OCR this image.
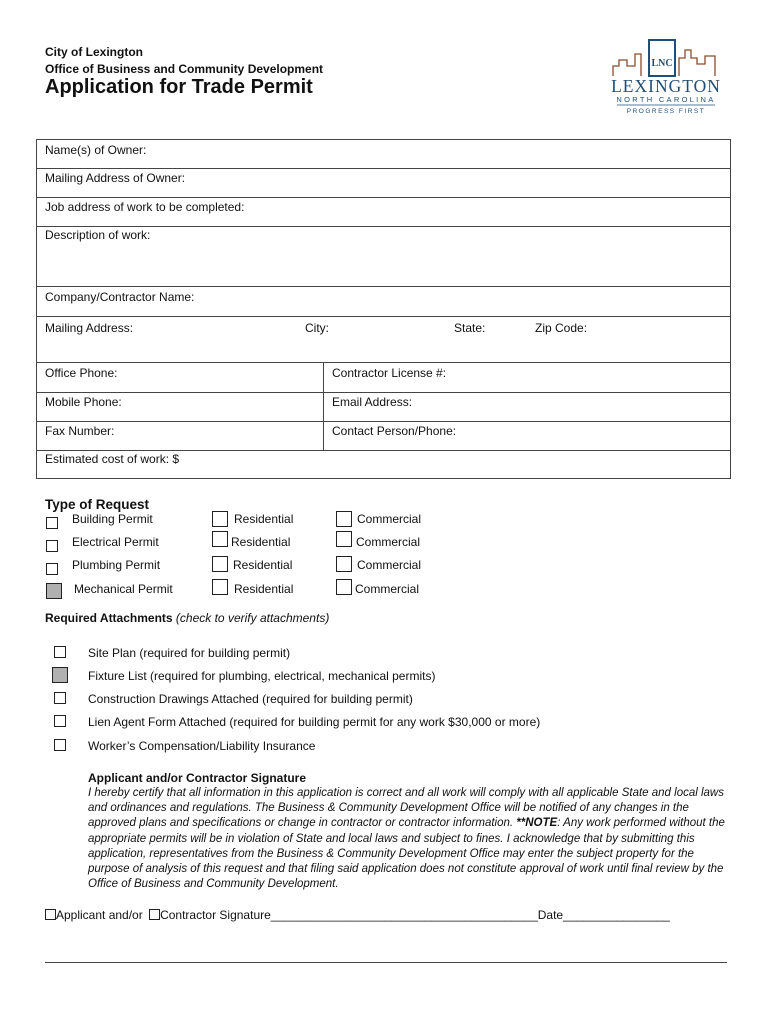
City of Lexington
Office of Business and Community Development
Application for Trade Permit
LNC
LEXINGTON
NORTH CAROLINA
PROGRESS FIRST
Name(s) of Owner:
Mailing Address of Owner:
Job address of work to be completed:
Description of work:
Company/Contractor Name:
Mailing Address:	City:	State:	Zip Code:
Office Phone:	Contractor License #:
Mobile Phone:	Email Address:
Fax Number:	Contact Person/Phone:
Estimated cost of work: $
Type of Request
Building Permit	Residential	Commercial
Electrical Permit	Residential	Commercial
Plumbing Permit	Residential	Commercial
Mechanical Permit	Residential	Commercial
Required Attachments (check to verify attachments)
Site Plan (required for building permit)
Fixture List (required for plumbing, electrical, mechanical permits)
Construction Drawings Attached (required for building permit)
Lien Agent Form Attached (required for building permit for any work $30,000 or more)
Worker’s Compensation/Liability Insurance
Applicant and/or Contractor Signature
I hereby certify that all information in this application is correct and all work will comply with all applicable State and local laws and ordinances and regulations. The Business & Community Development Office will be notified of any changes in the approved plans and specifications or change in contractor or contractor information. **NOTE: Any work performed without the appropriate permits will be in violation of State and local laws and subject to fines. I acknowledge that by submitting this application, representatives from the Business & Community Development Office may enter the subject property for the purpose of analysis of this request and that filing said application does not constitute approval of work until final review by the Office of Business and Community Development.
Applicant and/or Contractor Signature________________________________________Date________________
